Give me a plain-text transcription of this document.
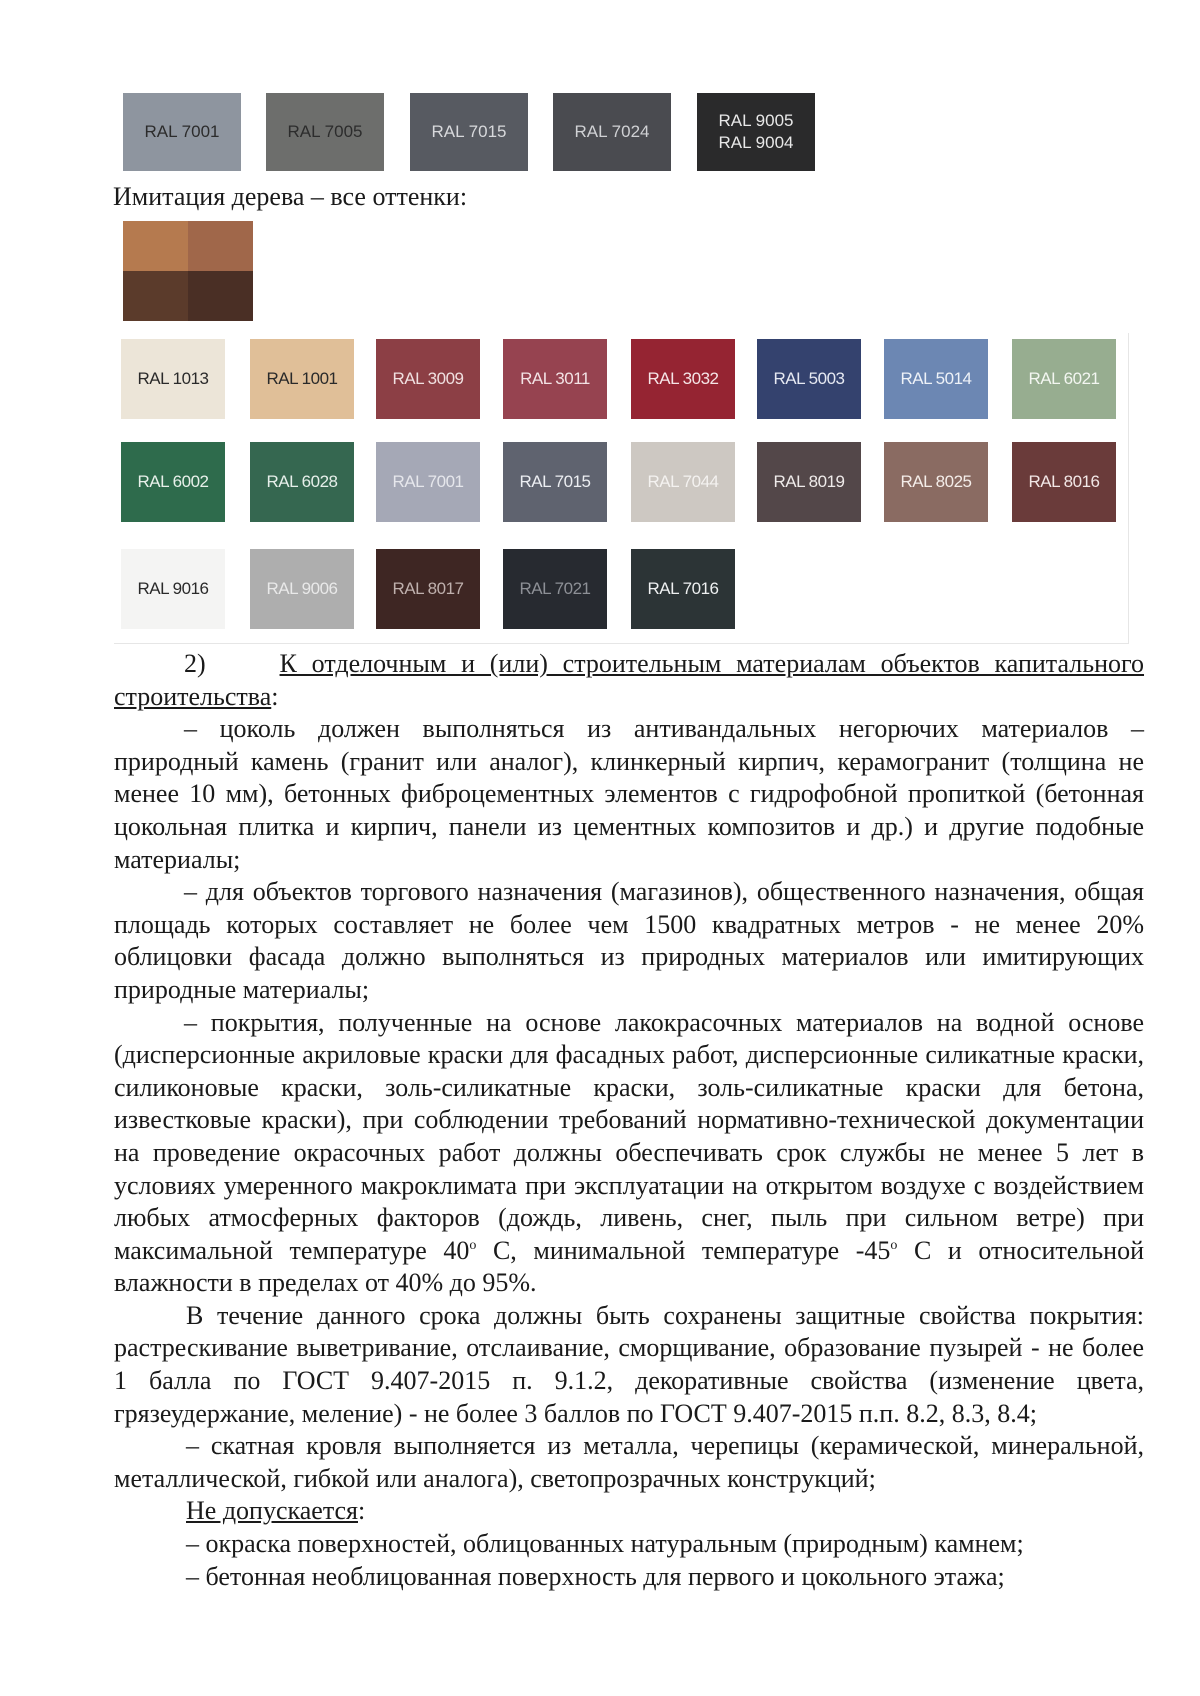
RAL 7001	RAL 7005	RAL 7015	RAL 7024
RAL 9005
RAL 9004
Имитация дерева – все оттенки:
RAL 1013	RAL 1001	RAL 3009	RAL 3011	RAL 3032	RAL 5003	RAL 5014	RAL 6021
RAL 6002	RAL 6028	RAL 7001	RAL 7015	RAL 7044	RAL 8019	RAL 8025	RAL 8016
RAL 9016	RAL 9006	RAL 8017	RAL 7021	RAL 7016

2)	К отделочным и (или) строительным материалам объектов капитального строительства:

– цоколь должен выполняться из антивандальных негорючих материалов – природный камень (гранит или аналог), клинкерный кирпич, керамогранит (толщина не менее 10 мм), бетонных фиброцементных элементов с гидрофобной пропиткой (бетонная цокольная плитка и кирпич, панели из цементных композитов и др.) и другие подобные материалы;

– для объектов торгового назначения (магазинов), общественного назначения, общая площадь которых составляет не более чем 1500 квадратных метров - не менее 20% облицовки фасада должно выполняться из природных материалов или имитирующих природные материалы;

– покрытия, полученные на основе лакокрасочных материалов на водной основе (дисперсионные акриловые краски для фасадных работ, дисперсионные силикатные краски, силиконовые краски, золь-силикатные краски, золь-силикатные краски для бетона, известковые краски), при соблюдении требований нормативно-технической документации на проведение окрасочных работ должны обеспечивать срок службы не менее 5 лет в условиях умеренного макроклимата при эксплуатации на открытом воздухе с воздействием любых атмосферных факторов (дождь, ливень, снег, пыль при сильном ветре) при максимальной температуре 40$^o$ С, минимальной температуре -45$^o$ С и относительной влажности в пределах от 40% до 95%.

В течение данного срока должны быть сохранены защитные свойства покрытия: растрескивание выветривание, отслаивание, сморщивание, образование пузырей - не более 1 балла по ГОСТ 9.407-2015 п. 9.1.2, декоративные свойства (изменение цвета, грязеудержание, меление) - не более 3 баллов по ГОСТ 9.407-2015 п.п. 8.2, 8.3, 8.4;

– скатная кровля выполняется из металла, черепицы (керамической, минеральной, металлической, гибкой или аналога), светопрозрачных конструкций;

Не допускается:

– окраска поверхностей, облицованных натуральным (природным) камнем;

– бетонная необлицованная поверхность для первого и цокольного этажа;
